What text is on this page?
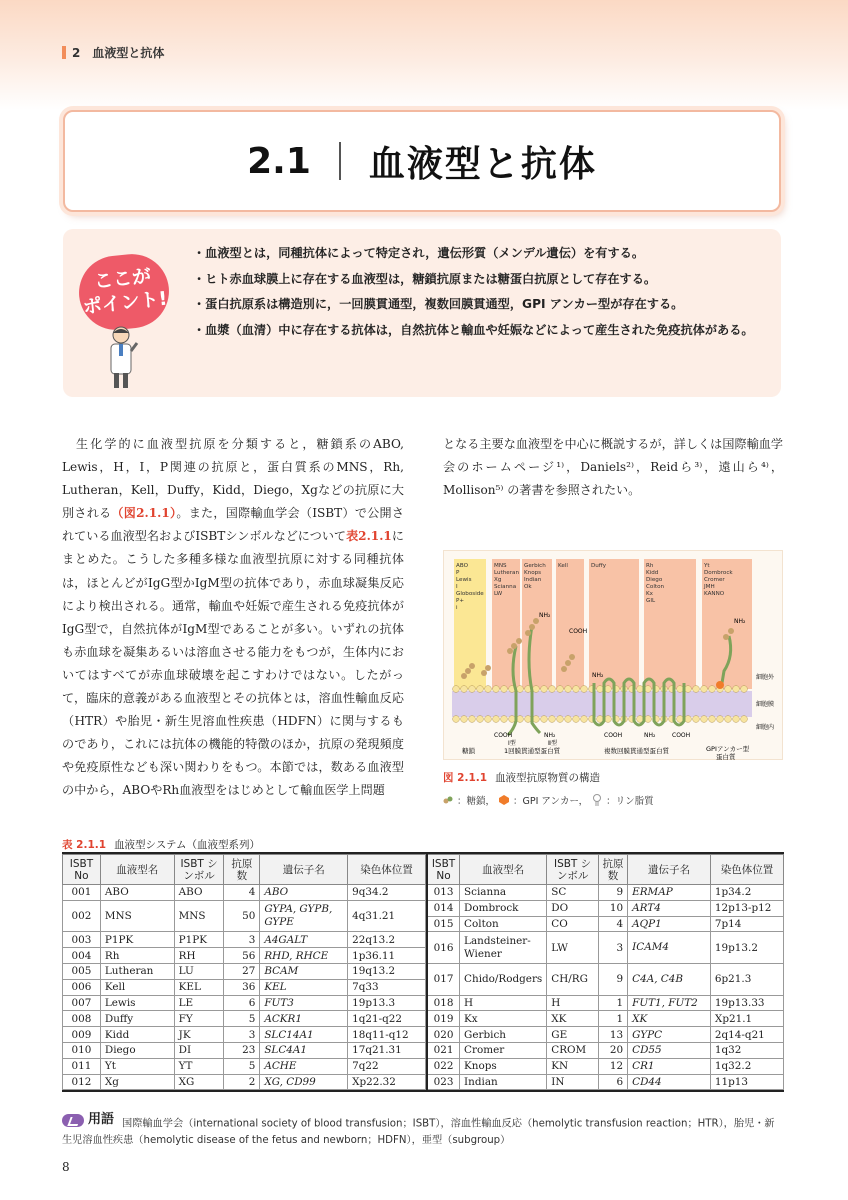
2　血液型と抗体
2.1 血液型と抗体
ここが
ポイント!
・血液型とは，同種抗体によって特定され，遺伝形質（メンデル遺伝）を有する。
・ヒト赤血球膜上に存在する血液型は，糖鎖抗原または糖蛋白抗原として存在する。
・蛋白抗原系は構造別に，一回膜貫通型，複数回膜貫通型，GPI アンカー型が存在する。
・血漿（血清）中に存在する抗体は，自然抗体と輸血や妊娠などによって産生された免疫抗体がある。
生化学的に血液型抗原を分類すると，糖鎖系のABO, Lewis，H，I，P関連の抗原と，蛋白質系のMNS，Rh, Lutheran，Kell，Duffy，Kidd，Diego，Xgなどの抗原に大別される（図2.1.1）。また，国際輸血学会（ISBT）で公開されている血液型名およびISBTシンボルなどについて表2.1.1にまとめた。こうした多種多様な血液型抗原に対する同種抗体は，ほとんどがIgG型かIgM型の抗体であり，赤血球凝集反応により検出される。通常，輸血や妊娠で産生される免疫抗体がIgG型で，自然抗体がIgM型であることが多い。いずれの抗体も赤血球を凝集あるいは溶血させる能力をもつが，生体内においてはすべてが赤血球破壊を起こすわけではない。したがって，臨床的意義がある血液型とその抗体とは，溶血性輸血反応（HTR）や胎児・新生児溶血性疾患（HDFN）に関与するものであり，これには抗体の機能的特徴のほか，抗原の発現頻度や免疫原性なども深い関わりをもつ。本節では，数ある血液型の中から，ABOやRh血液型をはじめとして輸血医学上問題
となる主要な血液型を中心に概説するが，詳しくは国際輸血学会のホームページ¹⁾，Daniels²⁾，Reidら³⁾，遠山ら⁴⁾，Mollison⁵⁾ の著書を参照されたい。
ABO
P
Lewis
I
Globoside
P+
i
MNS
Lutheran
Xg
Scianna
LW
Gerbich
Knops
Indian
Ok
Kell	Duffy	Rh
Kidd
Diego
Colton
Kx
GIL
Yt
Dombrock
Cromer
JMH
KANNO
NH₂
COOH
NH₂
NH₂
COOH	NH₂	COOH	NH₂	COOH
Ⅰ型	Ⅱ型
細胞外
細胞膜
細胞内
糖鎖	1回膜貫通型蛋白質	複数回膜貫通型蛋白質	GPIアンカー型
蛋白質
図 2.1.1 血液型抗原物質の構造
：糖鎖， ：GPI アンカー， ：リン脂質
表 2.1.1 血液型システム（血液型系列）
ISBT No	血液型名	ISBT シンボル	抗原数	遺伝子名	染色体位置
001	ABO	ABO	4	ABO	9q34.2
002	MNS	MNS	50	GYPA, GYPB, GYPE	4q31.21
003	P1PK	P1PK	3	A4GALT	22q13.2
004	Rh	RH	56	RHD, RHCE	1p36.11
005	Lutheran	LU	27	BCAM	19q13.2
006	Kell	KEL	36	KEL	7q33
007	Lewis	LE	6	FUT3	19p13.3
008	Duffy	FY	5	ACKR1	1q21-q22
009	Kidd	JK	3	SLC14A1	18q11-q12
010	Diego	DI	23	SLC4A1	17q21.31
011	Yt	YT	5	ACHE	7q22
012	Xg	XG	2	XG, CD99	Xp22.32
ISBT No	血液型名	ISBT シンボル	抗原数	遺伝子名	染色体位置
013	Scianna	SC	9	ERMAP	1p34.2
014	Dombrock	DO	10	ART4	12p13-p12
015	Colton	CO	4	AQP1	7p14
016	Landsteiner-Wiener	LW	3	ICAM4	19p13.2
017	Chido/Rodgers	CH/RG	9	C4A, C4B	6p21.3
018	H	H	1	FUT1, FUT2	19p13.33
019	Kx	XK	1	XK	Xp21.1
020	Gerbich	GE	13	GYPC	2q14-q21
021	Cromer	CROM	20	CD55	1q32
022	Knops	KN	12	CR1	1q32.2
023	Indian	IN	6	CD44	11p13
用語 国際輸血学会（international society of blood transfusion；ISBT），溶血性輸血反応（hemolytic transfusion reaction；HTR），胎児・新生児溶血性疾患（hemolytic disease of the fetus and newborn；HDFN），亜型（subgroup）
8
